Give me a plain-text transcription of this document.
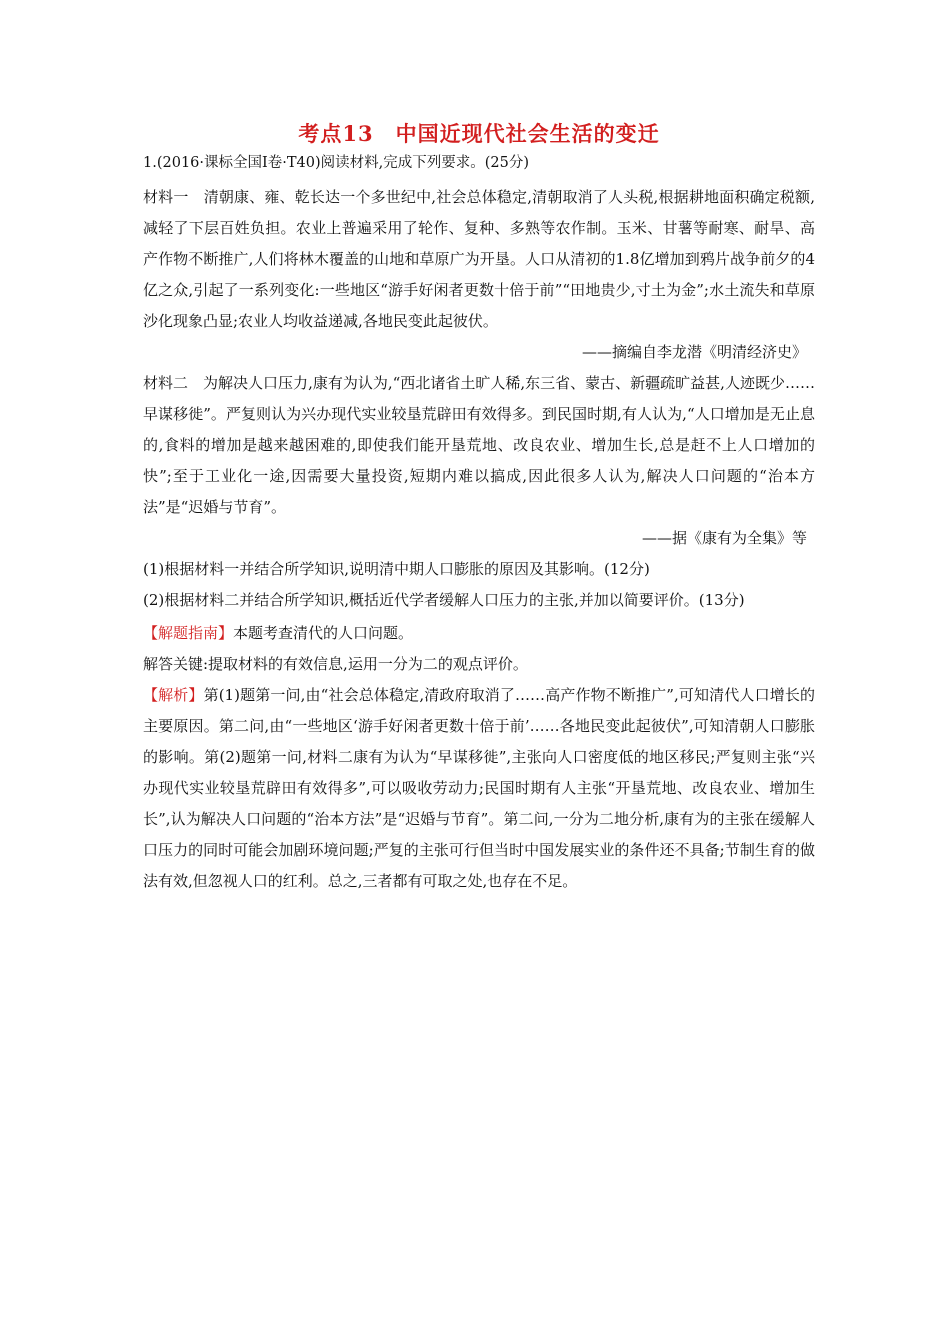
考点13　中国近现代社会生活的变迁

1.(2016·课标全国Ⅰ卷·T40)阅读材料,完成下列要求。(25分)

材料一　 清朝康、雍、乾长达一个多世纪中,社会总体稳定,清朝取消了人头税,根据耕地面积确定税额,减轻了下层百姓负担。农业上普遍采用了轮作、复种、多熟等农作制。玉米、甘薯等耐寒、耐旱、高产作物不断推广,人们将林木覆盖的山地和草原广为开垦。人口从清初的1.8亿增加到鸦片战争前夕的4亿之众,引起了一系列变化:一些地区“游手好闲者更数十倍于前”“田地贵少,寸土为金”;水土流失和草原沙化现象凸显;农业人均收益递减,各地民变此起彼伏。

——摘编自李龙潜《明清经济史》

材料二　 为解决人口压力,康有为认为,“西北诸省土旷人稀,东三省、蒙古、新疆疏旷益甚,人迹既少……早谋移徙”。严复则认为兴办现代实业较垦荒辟田有效得多。到民国时期,有人认为,“人口增加是无止息的,食料的增加是越来越困难的,即使我们能开垦荒地、改良农业、增加生长,总是赶不上人口增加的快”;至于工业化一途,因需要大量投资,短期内难以搞成,因此很多人认为,解决人口问题的“治本方法”是“迟婚与节育”。

——据《康有为全集》等

(1)根据材料一并结合所学知识,说明清中期人口膨胀的原因及其影响。(12分)

(2)根据材料二并结合所学知识,概括近代学者缓解人口压力的主张,并加以简要评价。(13分)

【解题指南】本题考查清代的人口问题。

解答关键:提取材料的有效信息,运用一分为二的观点评价。

【解析】第(1)题第一问,由“社会总体稳定,清政府取消了……高产作物不断推广”,可知清代人口增长的主要原因。第二问,由“一些地区‘游手好闲者更数十倍于前’……各地民变此起彼伏”,可知清朝人口膨胀的影响。第(2)题第一问,材料二康有为认为“早谋移徙”,主张向人口密度低的地区移民;严复则主张“兴办现代实业较垦荒辟田有效得多”,可以吸收劳动力;民国时期有人主张“开垦荒地、改良农业、增加生长”,认为解决人口问题的“治本方法”是“迟婚与节育”。第二问,一分为二地分析,康有为的主张在缓解人口压力的同时可能会加剧环境问题;严复的主张可行但当时中国发展实业的条件还不具备;节制生育的做法有效,但忽视人口的红利。总之,三者都有可取之处,也存在不足。
